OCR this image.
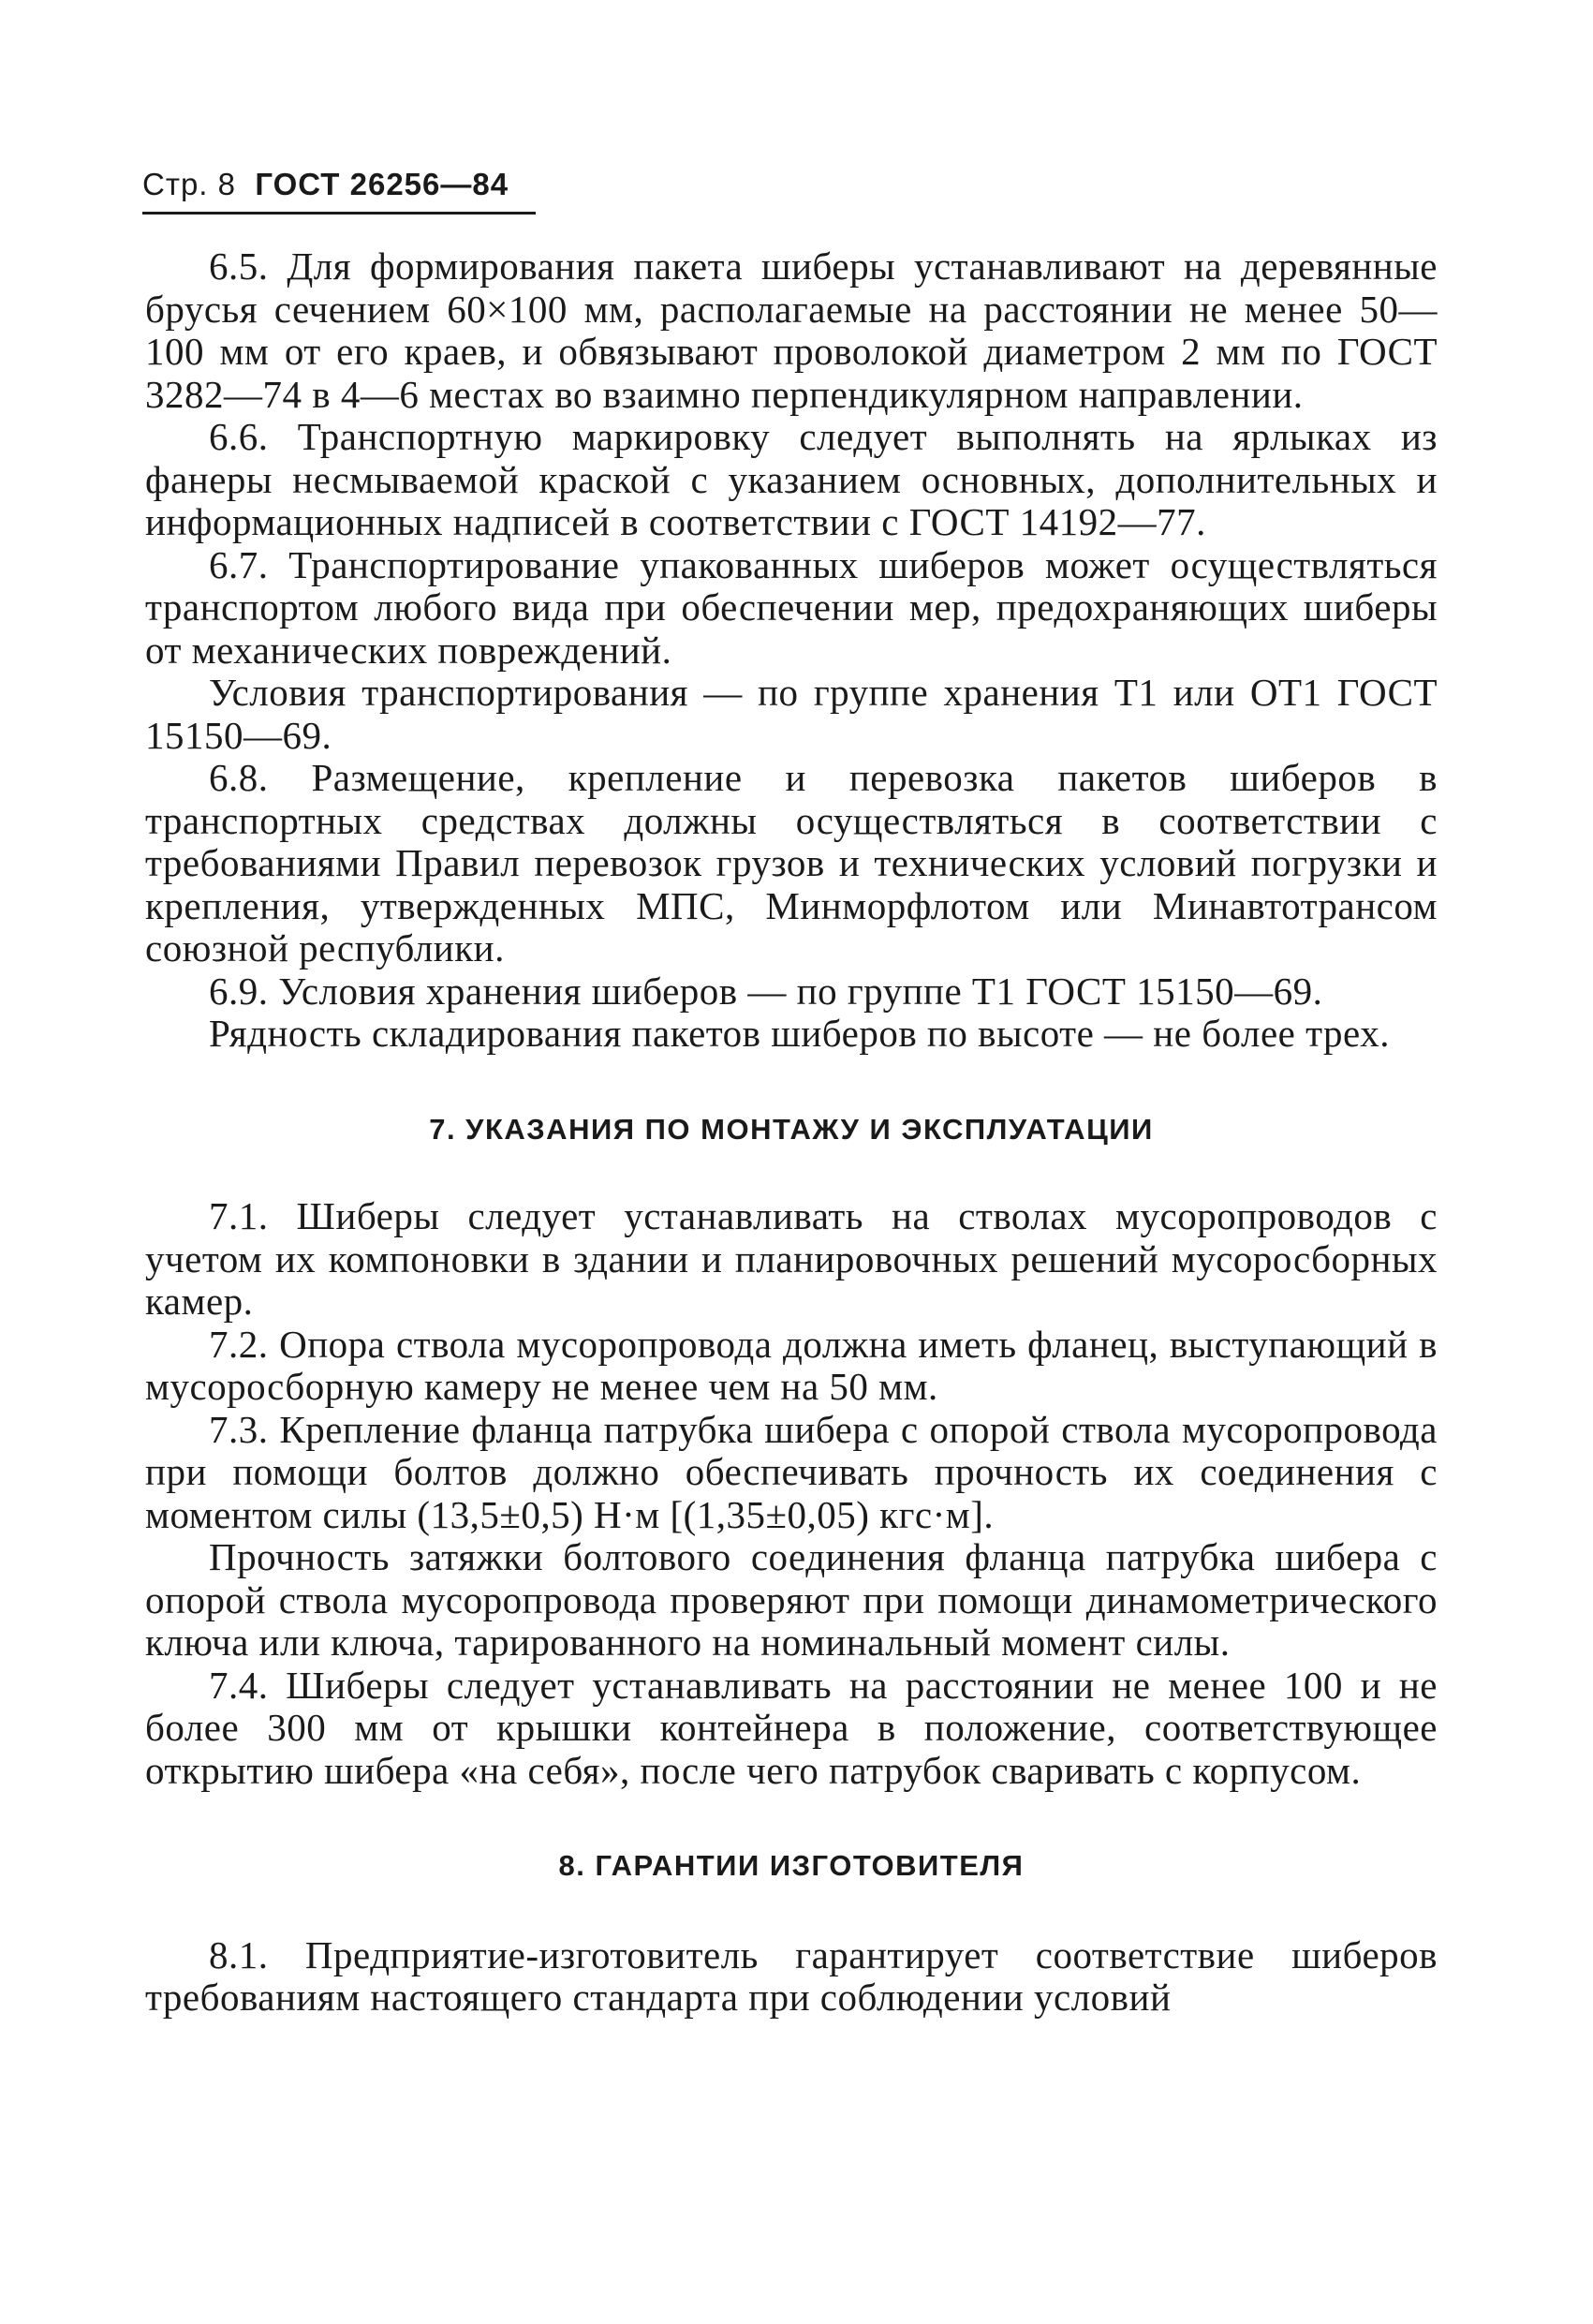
Стр. 8 ГОСТ 26256—84

6.5. Для формирования пакета шиберы устанавливают на деревянные брусья сечением 60×100 мм, располагаемые на расстоянии не менее 50—100 мм от его краев, и обвязывают проволокой диаметром 2 мм по ГОСТ 3282—74 в 4—6 местах во взаимно перпендикулярном направлении.

6.6. Транспортную маркировку следует выполнять на ярлыках из фанеры несмываемой краской с указанием основных, дополнительных и информационных надписей в соответствии с ГОСТ 14192—77.

6.7. Транспортирование упакованных шиберов может осуществляться транспортом любого вида при обеспечении мер, предохраняющих шиберы от механических повреждений.

Условия транспортирования — по группе хранения Т1 или ОТ1 ГОСТ 15150—69.

6.8. Размещение, крепление и перевозка пакетов шиберов в транспортных средствах должны осуществляться в соответствии с требованиями Правил перевозок грузов и технических условий погрузки и крепления, утвержденных МПС, Минморфлотом или Минавтотрансом союзной республики.

6.9. Условия хранения шиберов — по группе Т1 ГОСТ 15150—69.

Рядность складирования пакетов шиберов по высоте — не более трех.

7. УКАЗАНИЯ ПО МОНТАЖУ И ЭКСПЛУАТАЦИИ

7.1. Шиберы следует устанавливать на стволах мусоропроводов с учетом их компоновки в здании и планировочных решений мусоросборных камер.

7.2. Опора ствола мусоропровода должна иметь фланец, выступающий в мусоросборную камеру не менее чем на 50 мм.

7.3. Крепление фланца патрубка шибера с опорой ствола мусоропровода при помощи болтов должно обеспечивать прочность их соединения с моментом силы (13,5±0,5) Н·м [(1,35±0,05) кгс·м].

Прочность затяжки болтового соединения фланца патрубка шибера с опорой ствола мусоропровода проверяют при помощи динамометрического ключа или ключа, тарированного на номинальный момент силы.

7.4. Шиберы следует устанавливать на расстоянии не менее 100 и не более 300 мм от крышки контейнера в положение, соответствующее открытию шибера «на себя», после чего патрубок сваривать с корпусом.

8. ГАРАНТИИ ИЗГОТОВИТЕЛЯ

8.1. Предприятие-изготовитель гарантирует соответствие шиберов требованиям настоящего стандарта при соблюдении условий
